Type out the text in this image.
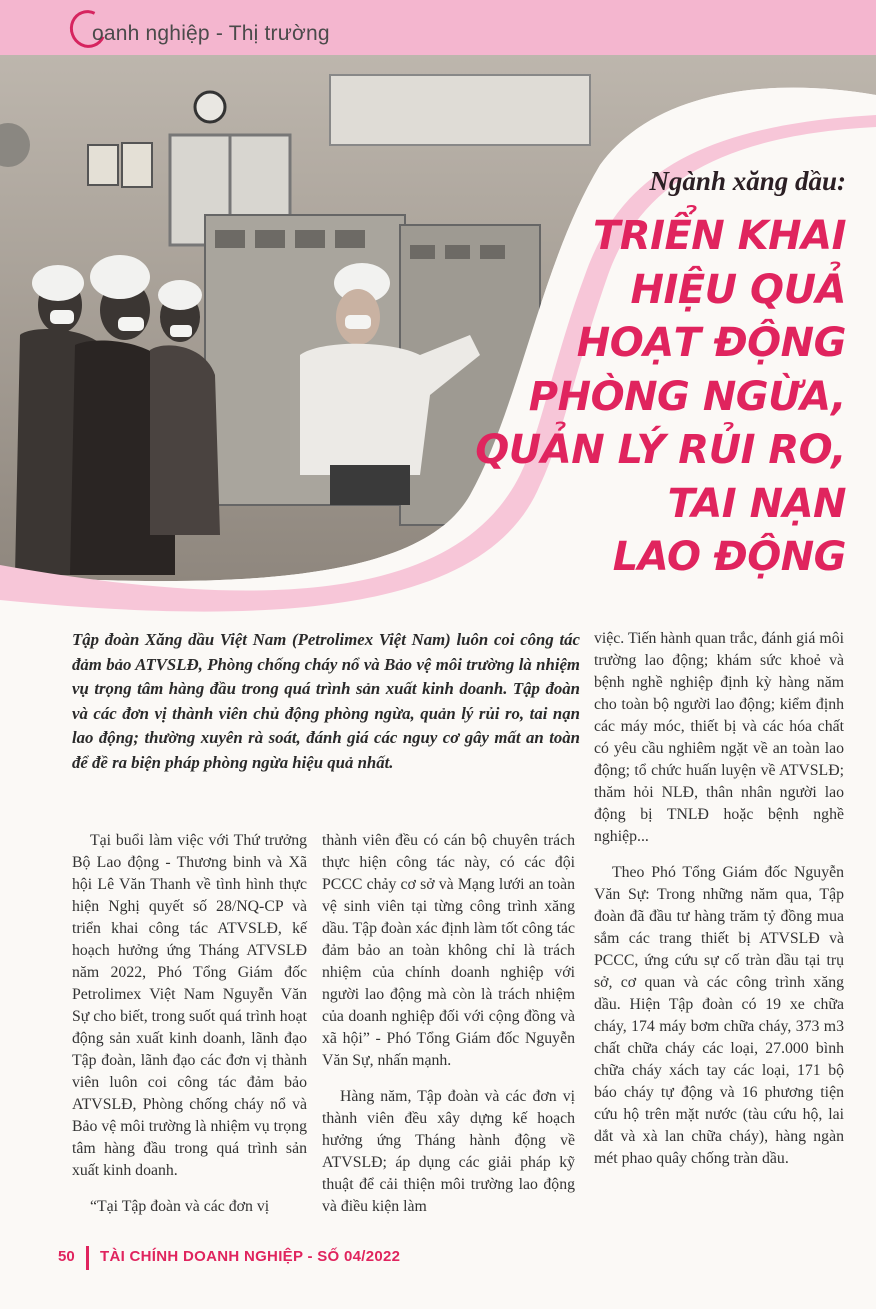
oanh nghiệp - Thị trường
Ngành xăng dầu:
TRIỂN KHAI
HIỆU QUẢ
HOẠT ĐỘNG
PHÒNG NGỪA,
QUẢN LÝ RỦI RO,
TAI NẠN
LAO ĐỘNG
Tập đoàn Xăng dầu Việt Nam (Petrolimex Việt Nam) luôn coi công tác đảm bảo ATVSLĐ, Phòng chống cháy nổ và Bảo vệ môi trường là nhiệm vụ trọng tâm hàng đầu trong quá trình sản xuất kinh doanh. Tập đoàn và các đơn vị thành viên chủ động phòng ngừa, quản lý rủi ro, tai nạn lao động; thường xuyên rà soát, đánh giá các nguy cơ gây mất an toàn để đề ra biện pháp phòng ngừa hiệu quả nhất.

Tại buổi làm việc với Thứ trưởng Bộ Lao động - Thương binh và Xã hội Lê Văn Thanh về tình hình thực hiện Nghị quyết số 28/NQ-CP và triển khai công tác ATVSLĐ, kế hoạch hưởng ứng Tháng ATVSLĐ năm 2022, Phó Tổng Giám đốc Petrolimex Việt Nam Nguyễn Văn Sự cho biết, trong suốt quá trình hoạt động sản xuất kinh doanh, lãnh đạo Tập đoàn, lãnh đạo các đơn vị thành viên luôn coi công tác đảm bảo ATVSLĐ, Phòng chống cháy nổ và Bảo vệ môi trường là nhiệm vụ trọng tâm hàng đầu trong quá trình sản xuất kinh doanh.

“Tại Tập đoàn và các đơn vị

thành viên đều có cán bộ chuyên trách thực hiện công tác này, có các đội PCCC chảy cơ sở và Mạng lưới an toàn vệ sinh viên tại từng công trình xăng dầu. Tập đoàn xác định làm tốt công tác đảm bảo an toàn không chỉ là trách nhiệm của chính doanh nghiệp với người lao động mà còn là trách nhiệm của doanh nghiệp đối với cộng đồng và xã hội” - Phó Tổng Giám đốc Nguyễn Văn Sự, nhấn mạnh.

Hàng năm, Tập đoàn và các đơn vị thành viên đều xây dựng kế hoạch hưởng ứng Tháng hành động về ATVSLĐ; áp dụng các giải pháp kỹ thuật để cải thiện môi trường lao động và điều kiện làm

việc. Tiến hành quan trắc, đánh giá môi trường lao động; khám sức khoẻ và bệnh nghề nghiệp định kỳ hàng năm cho toàn bộ người lao động; kiểm định các máy móc, thiết bị và các hóa chất có yêu cầu nghiêm ngặt về an toàn lao động; tổ chức huấn luyện về ATVSLĐ; thăm hỏi NLĐ, thân nhân người lao động bị TNLĐ hoặc bệnh nghề nghiệp...

Theo Phó Tổng Giám đốc Nguyễn Văn Sự: Trong những năm qua, Tập đoàn đã đầu tư hàng trăm tỷ đồng mua sắm các trang thiết bị ATVSLĐ và PCCC, ứng cứu sự cố tràn dầu tại trụ sở, cơ quan và các công trình xăng dầu. Hiện Tập đoàn có 19 xe chữa cháy, 174 máy bơm chữa cháy, 373 m3 chất chữa cháy các loại, 27.000 bình chữa cháy xách tay các loại, 171 bộ báo cháy tự động và 16 phương tiện cứu hộ trên mặt nước (tàu cứu hộ, lai dắt và xà lan chữa cháy), hàng ngàn mét phao quây chống tràn dầu.

50 TÀI CHÍNH DOANH NGHIỆP - SỐ 04/2022
